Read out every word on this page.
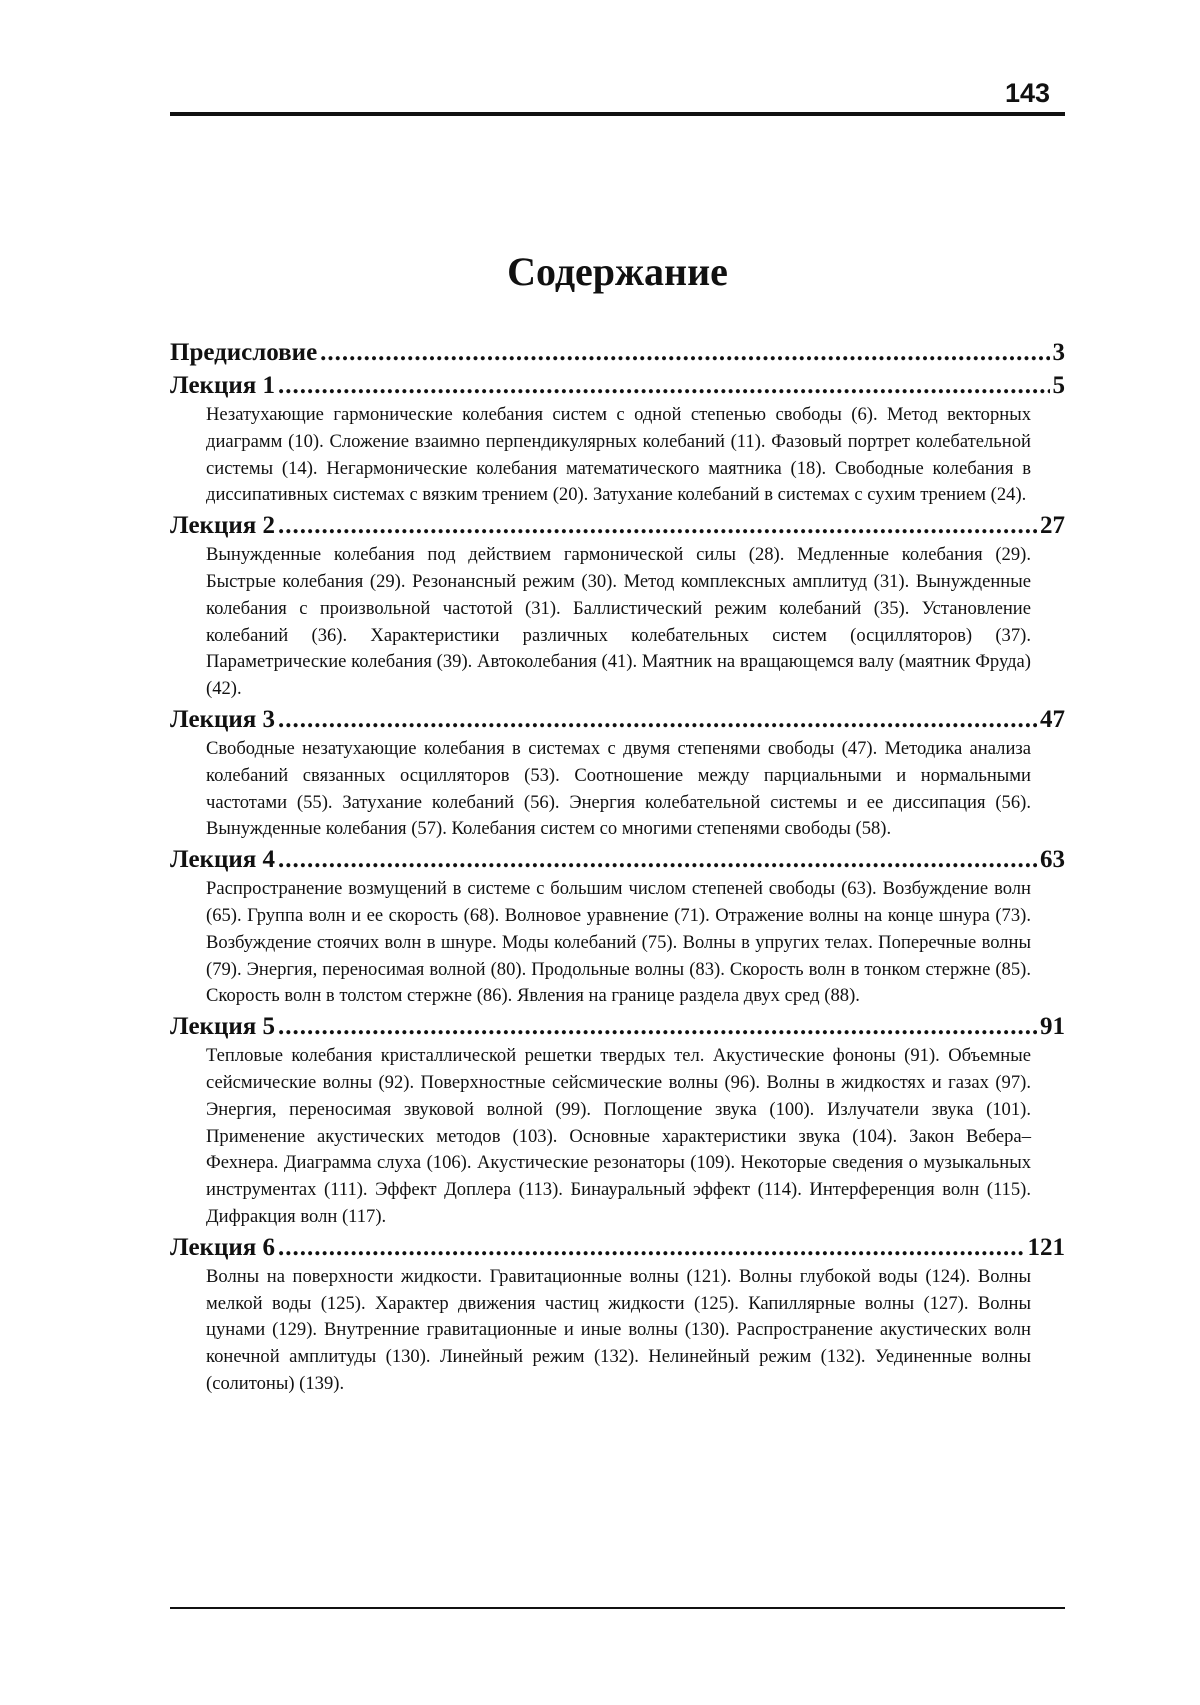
143
Содержание
Предисловие .....	3
Лекция 1 .....	5

Незатухающие гармонические колебания систем с одной степенью свободы (6). Метод векторных диаграмм (10). Сложение взаимно перпендикулярных колебаний (11). Фазовый портрет колебательной системы (14). Негармонические колебания математического маятника (18). Свободные колебания в диссипативных системах с вязким трением (20). Затухание колебаний в системах с сухим трением (24).

Лекция 2 .....	27

Вынужденные колебания под действием гармонической силы (28). Медленные колебания (29). Быстрые колебания (29). Резонансный режим (30). Метод комплексных амплитуд (31). Вынужденные колебания с произвольной частотой (31). Баллистический режим колебаний (35). Установление колебаний (36). Характеристики различных колебательных систем (осцилляторов) (37). Параметрические колебания (39). Автоколебания (41). Маятник на вращающемся валу (маятник Фруда) (42).

Лекция 3 .....	47

Свободные незатухающие колебания в системах с двумя степенями свободы (47). Методика анализа колебаний связанных осцилляторов (53). Соотношение между парциальными и нормальными частотами (55). Затухание колебаний (56). Энергия колебательной системы и ее диссипация (56). Вынужденные колебания (57). Колебания систем со многими степенями свободы (58).

Лекция 4 .....	63

Распространение возмущений в системе с большим числом степеней свободы (63). Возбуждение волн (65). Группа волн и ее скорость (68). Волновое уравнение (71). Отражение волны на конце шнура (73). Возбуждение стоячих волн в шнуре. Моды колебаний (75). Волны в упругих телах. Поперечные волны (79). Энергия, переносимая волной (80). Продольные волны (83). Скорость волн в тонком стержне (85). Скорость волн в толстом стержне (86). Явления на границе раздела двух сред (88).

Лекция 5 .....	91

Тепловые колебания кристаллической решетки твердых тел. Акустические фононы (91). Объемные сейсмические волны (92). Поверхностные сейсмические волны (96). Волны в жидкостях и газах (97). Энергия, переносимая звуковой волной (99). Поглощение звука (100). Излучатели звука (101). Применение акустических методов (103). Основные характеристики звука (104). Закон Вебера–Фехнера. Диаграмма слуха (106). Акустические резонаторы (109). Некоторые сведения о музыкальных инструментах (111). Эффект Доплера (113). Бинауральный эффект (114). Интерференция волн (115). Дифракция волн (117).

Лекция 6 .....	121

Волны на поверхности жидкости. Гравитационные волны (121). Волны глубокой воды (124). Волны мелкой воды (125). Характер движения частиц жидкости (125). Капиллярные волны (127). Волны цунами (129). Внутренние гравитационные и иные волны (130). Распространение акустических волн конечной амплитуды (130). Линейный режим (132). Нелинейный режим (132). Уединенные волны (солитоны) (139).
